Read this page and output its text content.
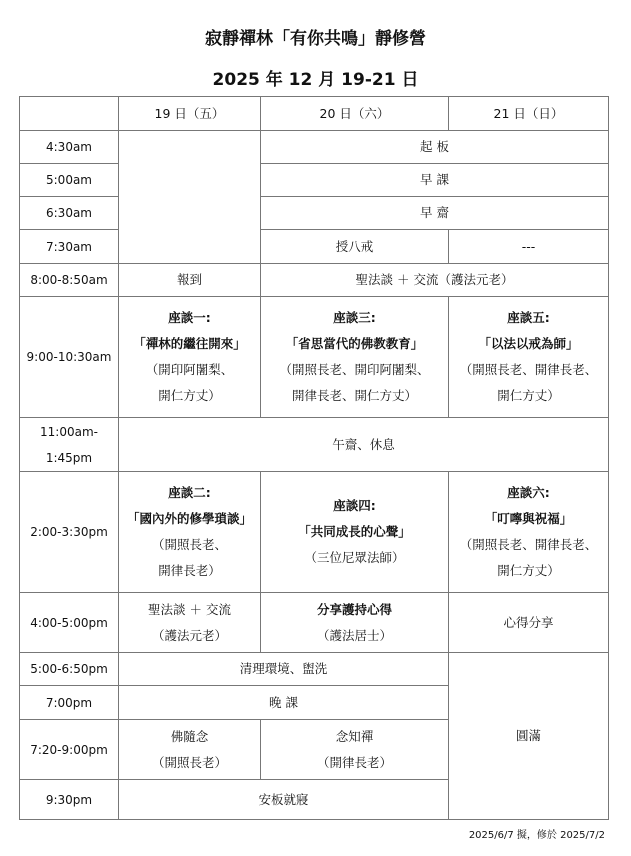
寂靜禪林「有你共鳴」靜修營
2025 年 12 月 19-21 日
	19 日（五）	20 日（六）	21 日（日）
4:30am		起 板	
5:00am		早 課	
6:30am		早 齋	
7:30am		授八戒	---
8:00-8:50am	報到	聖法談 ＋ 交流（護法元老）	
9:00-10:30am	座談一:
「禪林的繼往開來」
（開印阿闍梨、
開仁方丈）	座談三:
「省思當代的佛教教育」
（開照長老、開印阿闍梨、
開律長老、開仁方丈）	座談五:
「以法以戒為師」
（開照長老、開律長老、
開仁方丈）

11:00am-
1:45pm	午齋、休息		
2:00-3:30pm	座談二:
「國內外的修學瑣談」
（開照長老、
開律長老）	座談四:
「共同成長的心聲」
（三位尼眾法師）	座談六:
「叮嚀與祝福」
（開照長老、開律長老、
開仁方丈）

4:00-5:00pm	聖法談 ＋ 交流
（護法元老）	分享護持心得
（護法居士）	心得分享
5:00-6:50pm	清理環境、盥洗		圓滿
7:00pm	晚 課		
7:20-9:00pm	佛隨念
（開照長老）	念知禪
（開律長老）	

9:30pm	安板就寢		
2025/6/7 擬，修於 2025/7/2
